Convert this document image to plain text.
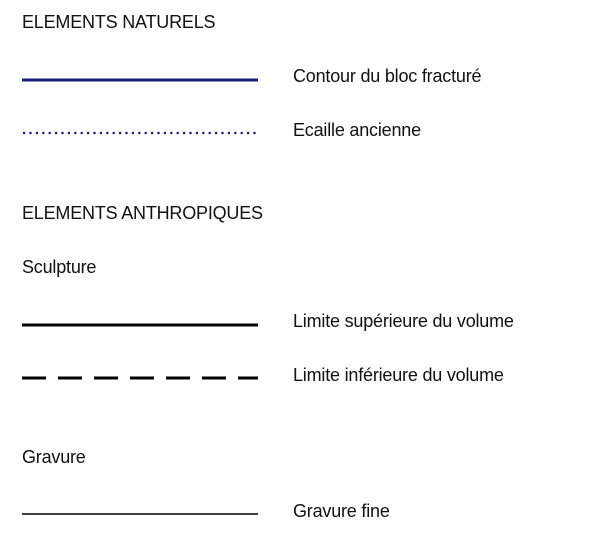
ELEMENTS NATURELS
Contour du bloc fracturé
Ecaille ancienne
ELEMENTS ANTHROPIQUES
Sculpture
Limite supérieure du volume
Limite inférieure du volume
Gravure
Gravure fine
